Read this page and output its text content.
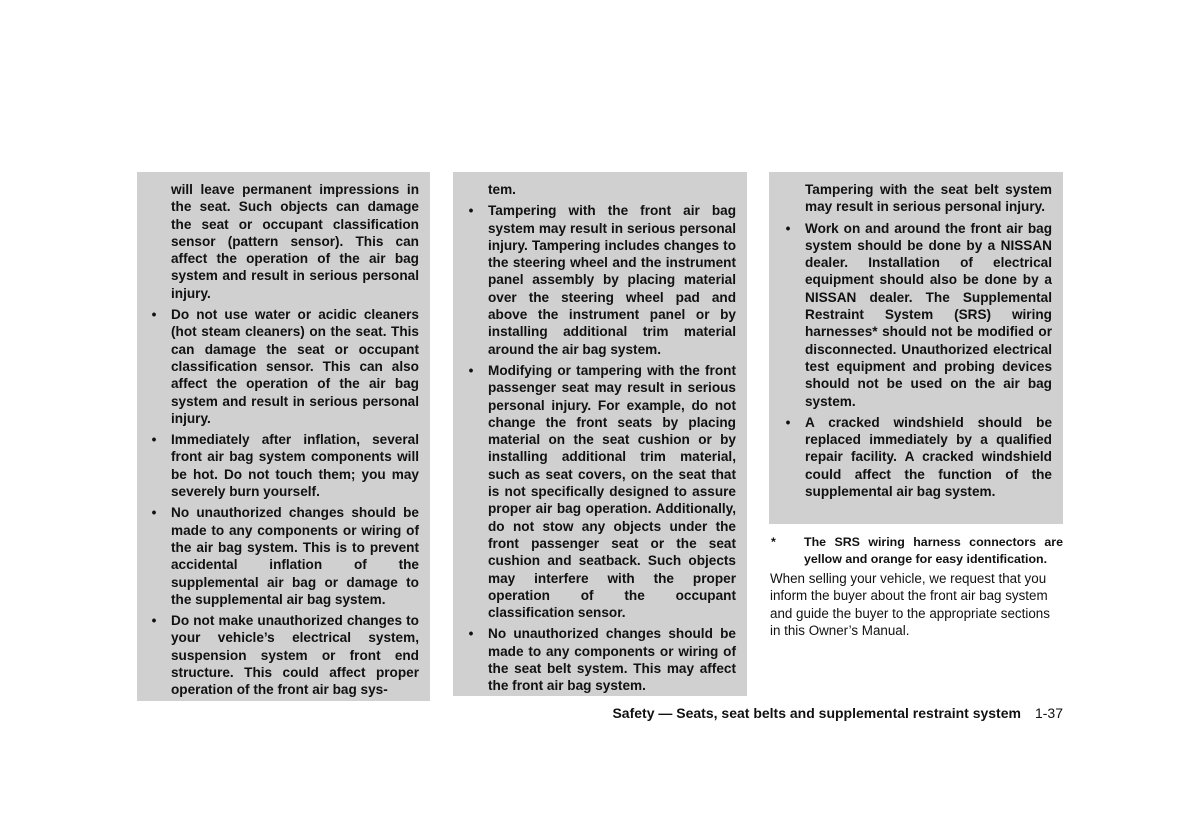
will leave permanent impressions in the seat. Such objects can damage the seat or occupant classification sensor (pattern sensor). This can affect the operation of the air bag system and result in serious personal injury.
•	Do not use water or acidic cleaners (hot steam cleaners) on the seat. This can damage the seat or occupant classification sensor. This can also affect the operation of the air bag system and result in serious personal injury.
•	Immediately after inflation, several front air bag system components will be hot. Do not touch them; you may severely burn yourself.
•	No unauthorized changes should be made to any components or wiring of the air bag system. This is to prevent accidental inflation of the supplemental air bag or damage to the supplemental air bag system.
•	Do not make unauthorized changes to your vehicle’s electrical system, suspension system or front end structure. This could affect proper operation of the front air bag sys-
tem.
•	Tampering with the front air bag system may result in serious personal injury. Tampering includes changes to the steering wheel and the instrument panel assembly by placing material over the steering wheel pad and above the instrument panel or by installing additional trim material around the air bag system.
•	Modifying or tampering with the front passenger seat may result in serious personal injury. For example, do not change the front seats by placing material on the seat cushion or by installing additional trim material, such as seat covers, on the seat that is not specifically designed to assure proper air bag operation. Additionally, do not stow any objects under the front passenger seat or the seat cushion and seatback. Such objects may interfere with the proper operation of the occupant classification sensor.
•	No unauthorized changes should be made to any components or wiring of the seat belt system. This may affect the front air bag system.
Tampering with the seat belt system may result in serious personal injury.
•	Work on and around the front air bag system should be done by a NISSAN dealer. Installation of electrical equipment should also be done by a NISSAN dealer. The Supplemental Restraint System (SRS) wiring harnesses* should not be modified or disconnected. Unauthorized electrical test equipment and probing devices should not be used on the air bag system.
•	A cracked windshield should be replaced immediately by a qualified repair facility. A cracked windshield could affect the function of the supplemental air bag system.
* The SRS wiring harness connectors are yellow and orange for easy identification.
When selling your vehicle, we request that you inform the buyer about the front air bag system and guide the buyer to the appropriate sections in this Owner’s Manual.
Safety — Seats, seat belts and supplemental restraint system 1-37
